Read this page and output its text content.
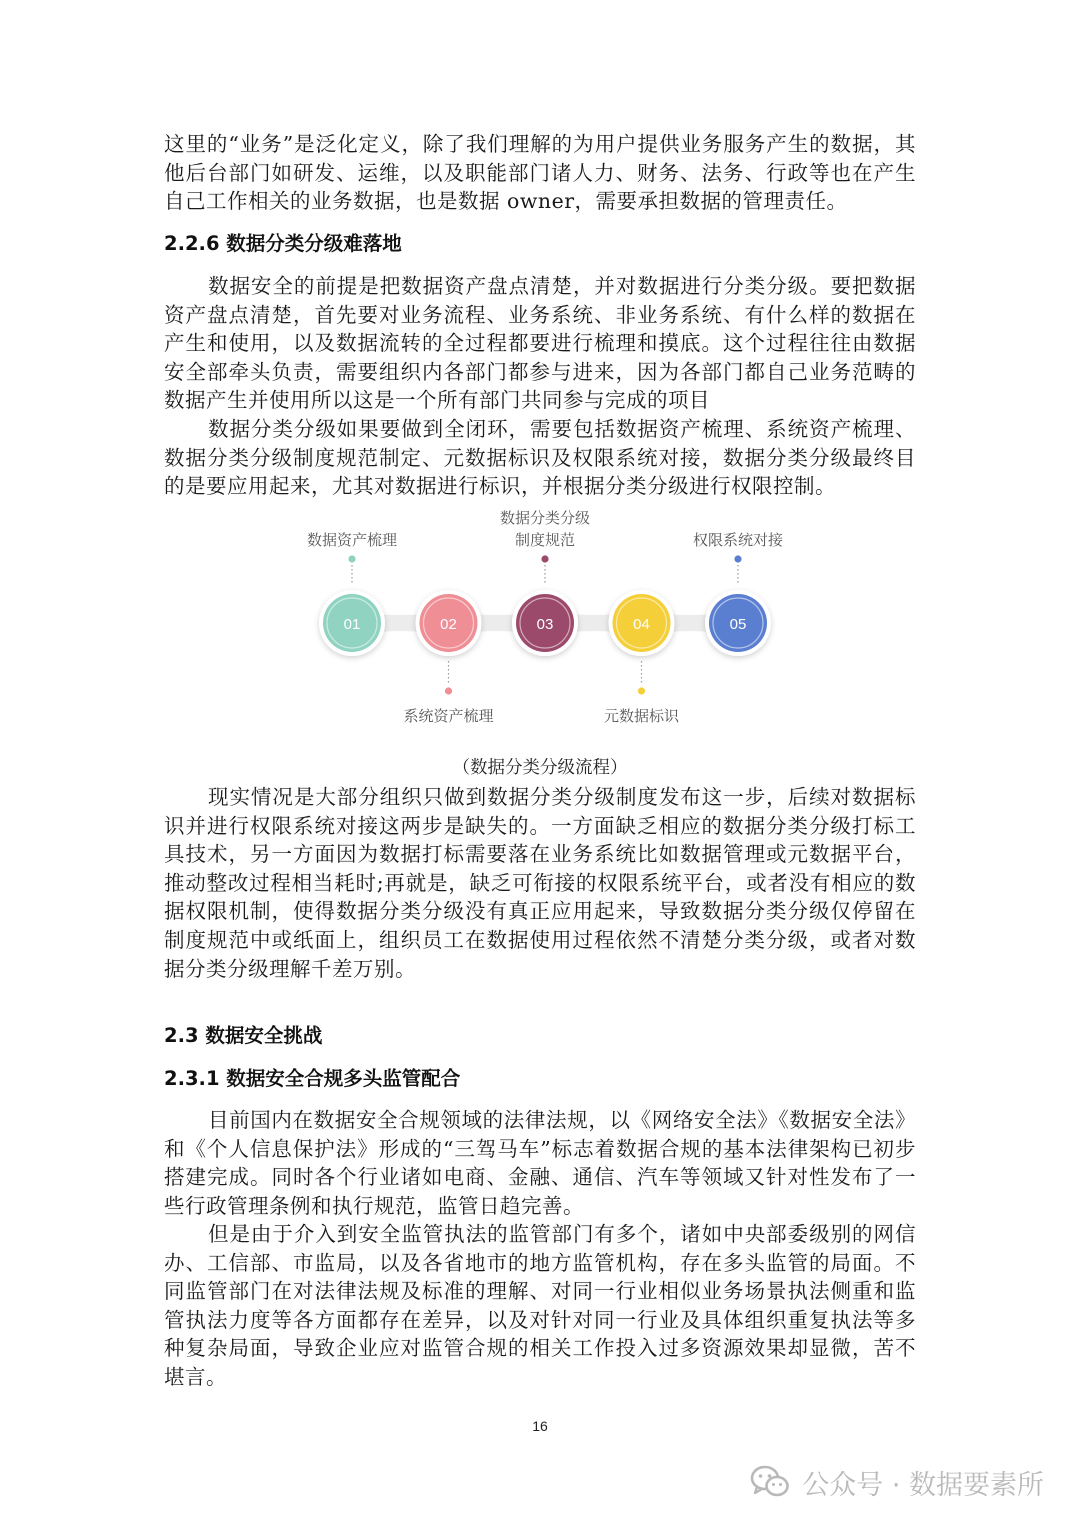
这里的“业务”是泛化定义，除了我们理解的为用户提供业务服务产生的数据，其他后台部门如研发、运维，以及职能部门诸人力、财务、法务、行政等也在产生自己工作相关的业务数据，也是数据 owner，需要承担数据的管理责任。

2.2.6 数据分类分级难落地

数据安全的前提是把数据资产盘点清楚，并对数据进行分类分级。要把数据资产盘点清楚，首先要对业务流程、业务系统、非业务系统、有什么样的数据在产生和使用，以及数据流转的全过程都要进行梳理和摸底。这个过程往往由数据安全部牵头负责，需要组织内各部门都参与进来，因为各部门都自己业务范畴的数据产生并使用所以这是一个所有部门共同参与完成的项目

数据分类分级如果要做到全闭环，需要包括数据资产梳理、系统资产梳理、数据分类分级制度规范制定、元数据标识及权限系统对接，数据分类分级最终目的是要应用起来，尤其对数据进行标识，并根据分类分级进行权限控制。

01
数据资产梳理
02
系统资产梳理
03
数据分类分级
制度规范
04
元数据标识
05
权限系统对接
（数据分类分级流程）

现实情况是大部分组织只做到数据分类分级制度发布这一步，后续对数据标识并进行权限系统对接这两步是缺失的。一方面缺乏相应的数据分类分级打标工具技术，另一方面因为数据打标需要落在业务系统比如数据管理或元数据平台，推动整改过程相当耗时;再就是，缺乏可衔接的权限系统平台，或者没有相应的数据权限机制，使得数据分类分级没有真正应用起来，导致数据分类分级仅停留在制度规范中或纸面上，组织员工在数据使用过程依然不清楚分类分级，或者对数据分类分级理解千差万别。

2.3 数据安全挑战
2.3.1 数据安全合规多头监管配合

目前国内在数据安全合规领域的法律法规，以《网络安全法》《数据安全法》和《个人信息保护法》形成的“三驾马车”标志着数据合规的基本法律架构已初步搭建完成。同时各个行业诸如电商、金融、通信、汽车等领域又针对性发布了一些行政管理条例和执行规范，监管日趋完善。

但是由于介入到安全监管执法的监管部门有多个，诸如中央部委级别的网信办、工信部、市监局，以及各省地市的地方监管机构，存在多头监管的局面。不同监管部门在对法律法规及标准的理解、对同一行业相似业务场景执法侧重和监管执法力度等各方面都存在差异，以及对针对同一行业及具体组织重复执法等多种复杂局面，导致企业应对监管合规的相关工作投入过多资源效果却显微，苦不堪言。

16
公众号 · 数据要素所
